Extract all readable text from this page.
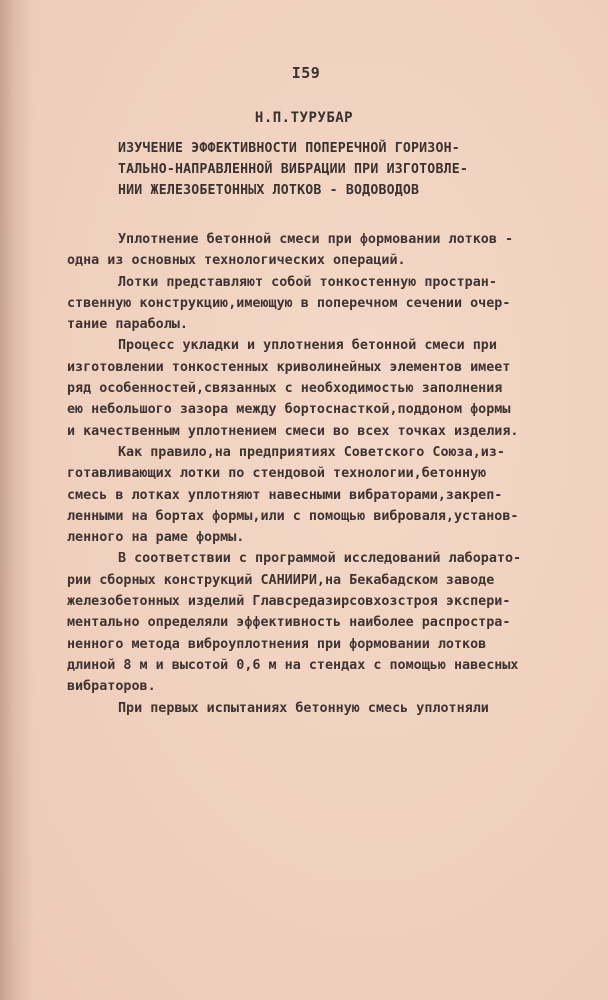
I59
Н.П.ТУРУБАР
ИЗУЧЕНИЕ ЭФФЕКТИВНОСТИ ПОПЕРЕЧНОЙ ГОРИЗОН-
ТАЛЬНО-НАПРАВЛЕННОЙ ВИБРАЦИИ ПРИ ИЗГОТОВЛЕ-
НИИ ЖЕЛЕЗОБЕТОННЫХ ЛОТКОВ - ВОДОВОДОВ
Уплотнение бетонной смеси при формовании лотков -
одна из основных технологических операций.
Лотки представляют собой тонкостенную простран-
ственную конструкцию,имеющую в поперечном сечении очер-
тание параболы.
Процесс укладки и уплотнения бетонной смеси при
изготовлении тонкостенных криволинейных элементов имеет
ряд особенностей,связанных с необходимостью заполнения
ею небольшого зазора между бортоснасткой,поддоном формы
и качественным уплотнением смеси во всех точках изделия.
Как правило,на предприятиях Советского Союза,из-
готавливающих лотки по стендовой технологии,бетонную
смесь в лотках уплотняют навесными вибраторами,закреп-
ленными на бортах формы,или с помощью виброваля,установ-
ленного на раме формы.
В соответствии с программой исследований лаборато-
рии сборных конструкций САНИИРИ,на Бекабадском заводе
железобетонных изделий Главсредазирсовхозстроя экспери-
ментально определяли эффективность наиболее распростра-
ненного метода виброуплотнения при формовании лотков
длиной 8 м и высотой 0,6 м на стендах с помощью навесных
вибраторов.
При первых испытаниях бетонную смесь уплотняли
